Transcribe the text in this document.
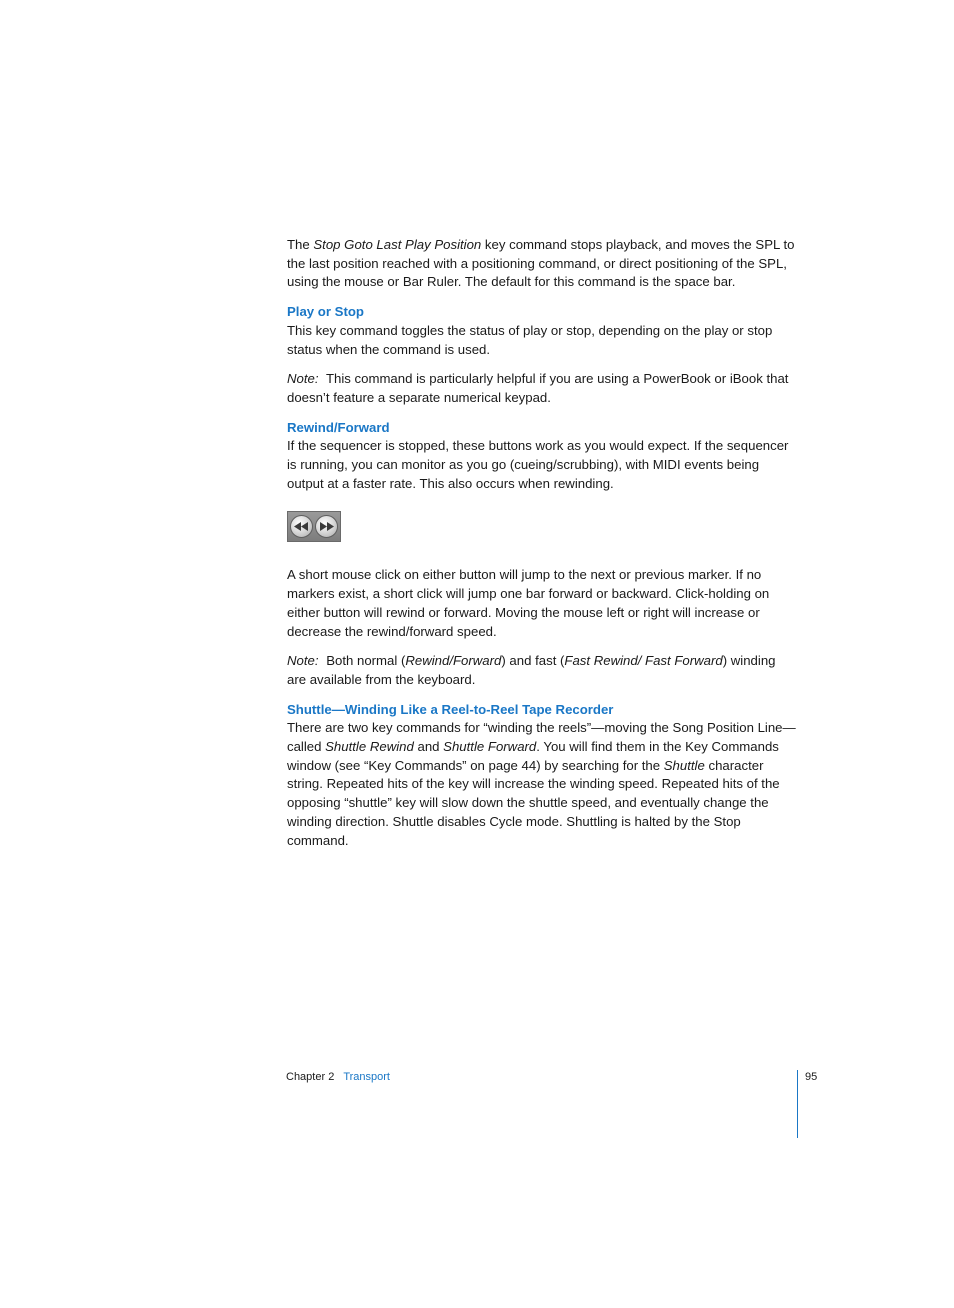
The Stop Goto Last Play Position key command stops playback, and moves the SPL to the last position reached with a positioning command, or direct positioning of the SPL, using the mouse or Bar Ruler. The default for this command is the space bar.

Play or Stop

This key command toggles the status of play or stop, depending on the play or stop status when the command is used.

Note: This command is particularly helpful if you are using a PowerBook or iBook that doesn’t feature a separate numerical keypad.

Rewind/Forward

If the sequencer is stopped, these buttons work as you would expect. If the sequencer is running, you can monitor as you go (cueing/scrubbing), with MIDI events being output at a faster rate. This also occurs when rewinding.

A short mouse click on either button will jump to the next or previous marker. If no markers exist, a short click will jump one bar forward or backward. Click-holding on either button will rewind or forward. Moving the mouse left or right will increase or decrease the rewind/forward speed.

Note: Both normal (Rewind/Forward) and fast (Fast Rewind/ Fast Forward) winding are available from the keyboard.

Shuttle—Winding Like a Reel-to-Reel Tape Recorder

There are two key commands for “winding the reels”—moving the Song Position Line—called Shuttle Rewind and Shuttle Forward. You will find them in the Key Commands window (see “Key Commands” on page 44) by searching for the Shuttle character string. Repeated hits of the key will increase the winding speed. Repeated hits of the opposing “shuttle” key will slow down the shuttle speed, and eventually change the winding direction. Shuttle disables Cycle mode. Shuttling is halted by the Stop command.

Chapter 2 Transport	95
